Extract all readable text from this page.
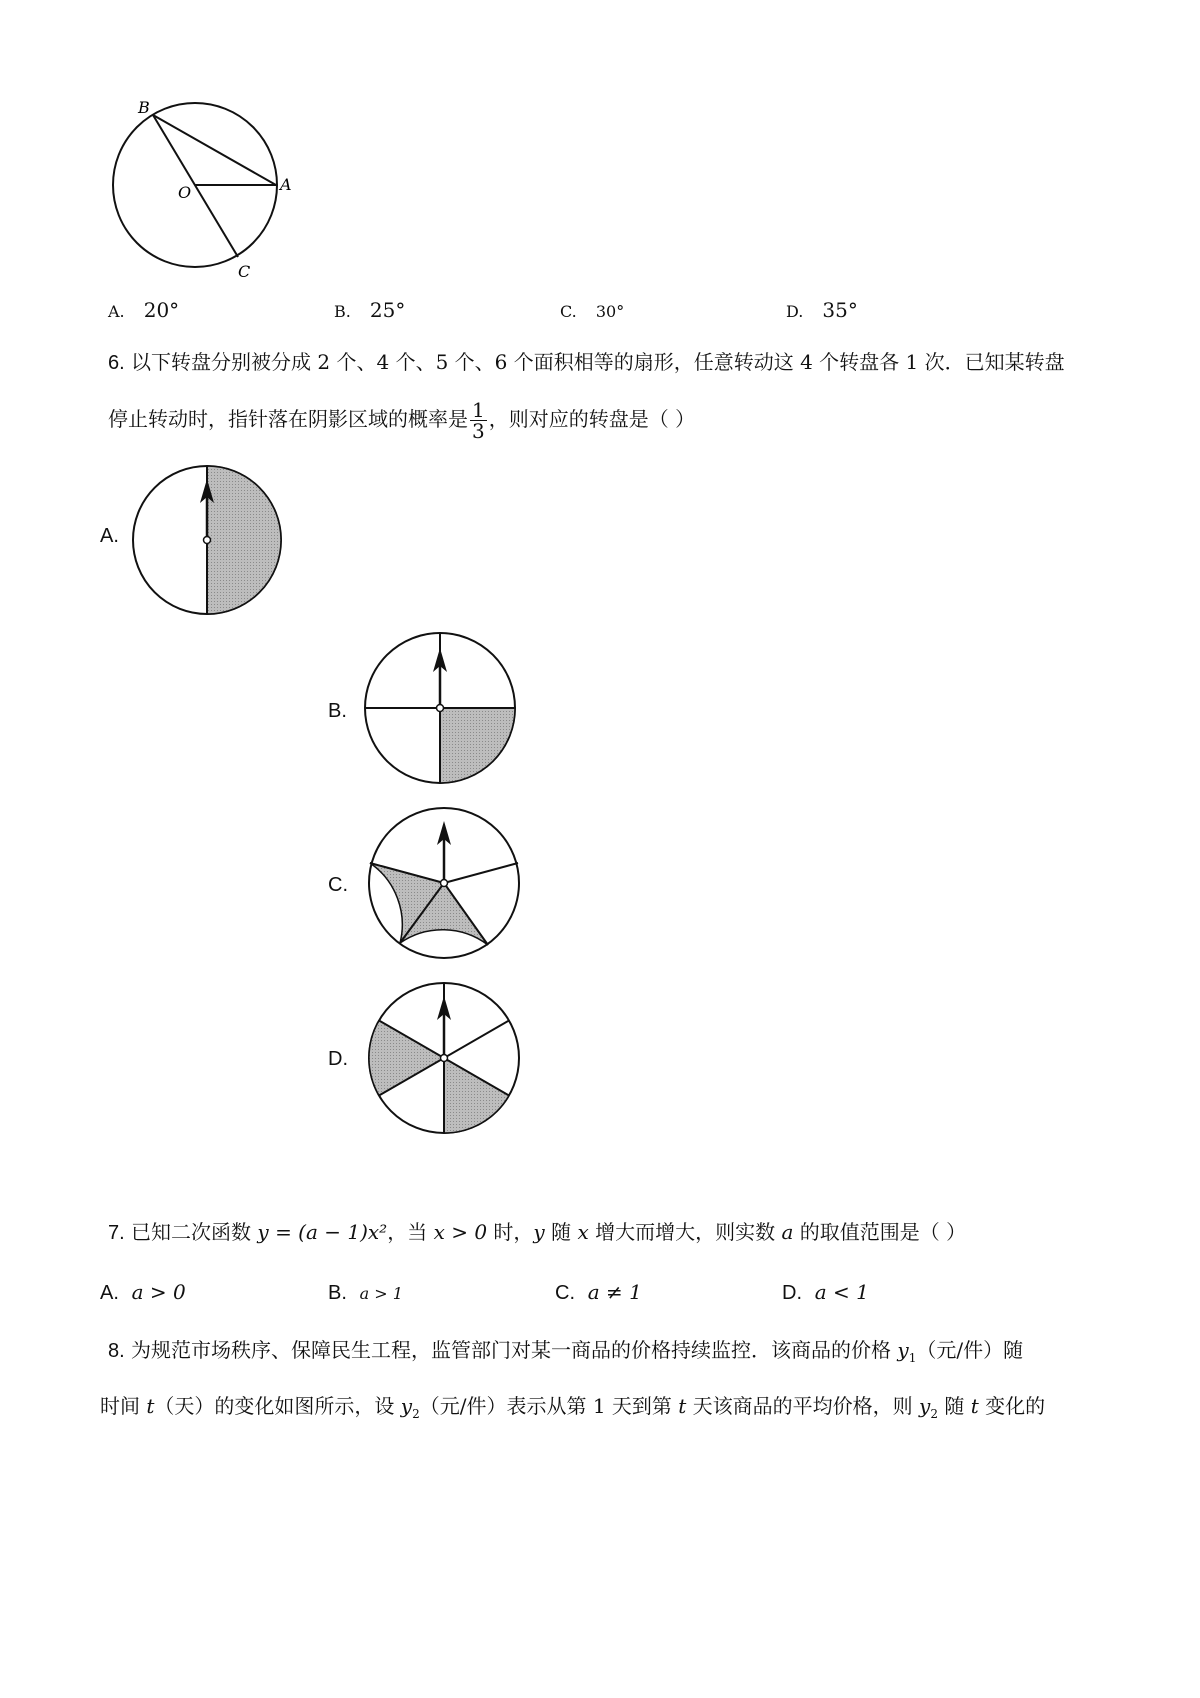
B
O	A
C
A. 20°	B. 25°	C. 30°	D. 35°
6. 以下转盘分别被分成 2 个、4 个、5 个、6 个面积相等的扇形，任意转动这 4 个转盘各 1 次．已知某转盘
停止转动时，指针落在阴影区域的概率是 $\frac{1}{3}$ ，则对应的转盘是（ ）
A.
B.
C.
D.
7. 已知二次函数 y = (a − 1)x²，当 x > 0 时，y 随 x 增大而增大，则实数 a 的取值范围是（ ）
A. a > 0	B. a > 1	C. a ≠ 1	D. a < 1
8. 为规范市场秩序、保障民生工程，监管部门对某一商品的价格持续监控．该商品的价格 $y_1$（元/件）随
时间 t（天）的变化如图所示，设 $y_2$（元/件）表示从第 1 天到第 t 天该商品的平均价格，则 $y_2$ 随 t 变化的
